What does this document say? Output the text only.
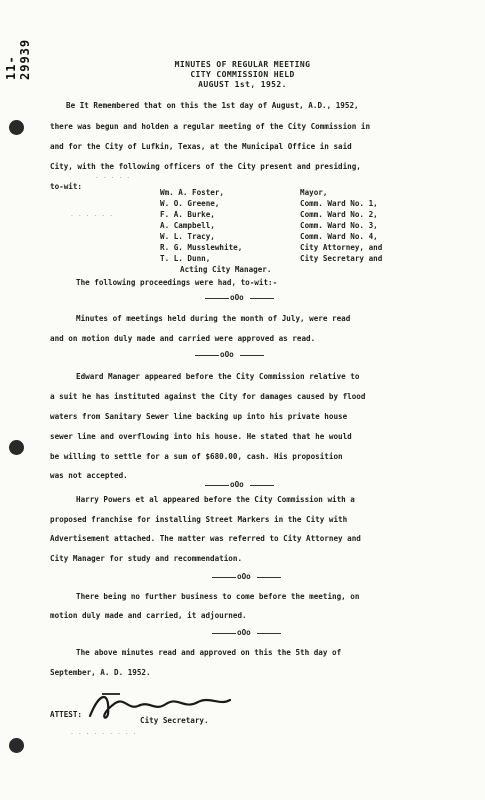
11-29939	MINUTES OF REGULAR MEETING
CITY COMMISSION HELD
AUGUST 1st, 1952.
Be It Remembered that on this the 1st day of August, A.D., 1952,
there was begun and holden a regular meeting of the City Commission in
and for the City of Lufkin, Texas, at the Municipal Office in said
City, with the following officers of the City present and presiding,
to-wit:
Wm. A. Foster,	Mayor,
W. O. Greene,	Comm. Ward No. 1,
F. A. Burke,	Comm. Ward No. 2,
A. Campbell,	Comm. Ward No. 3,
W. L. Tracy,	Comm. Ward No. 4,
R. G. Musslewhite,	City Attorney, and
T. L. Dunn,	City Secretary and
Acting City Manager.
. . . . .
. . . . . .
The following proceedings were had, to-wit:-
oOo
Minutes of meetings held during the month of July, were read
and on motion duly made and carried were approved as read.
oOo
Edward Manager appeared before the City Commission relative to
a suit he has instituted against the City for damages caused by flood
waters from Sanitary Sewer line backing up into his private house
sewer line and overflowing into his house. He stated that he would
be willing to settle for a sum of $680.00, cash. His proposition
was not accepted.
oOo
Harry Powers et al appeared before the City Commission with a
proposed franchise for installing Street Markers in the City with
Advertisement attached. The matter was referred to City Attorney and
City Manager for study and recommendation.
oOo
There being no further business to come before the meeting, on
motion duly made and carried, it adjourned.
oOo
The above minutes read and approved on this the 5th day of
September, A. D. 1952.
ATTEST:
City Secretary.
. . . . . . . . .
